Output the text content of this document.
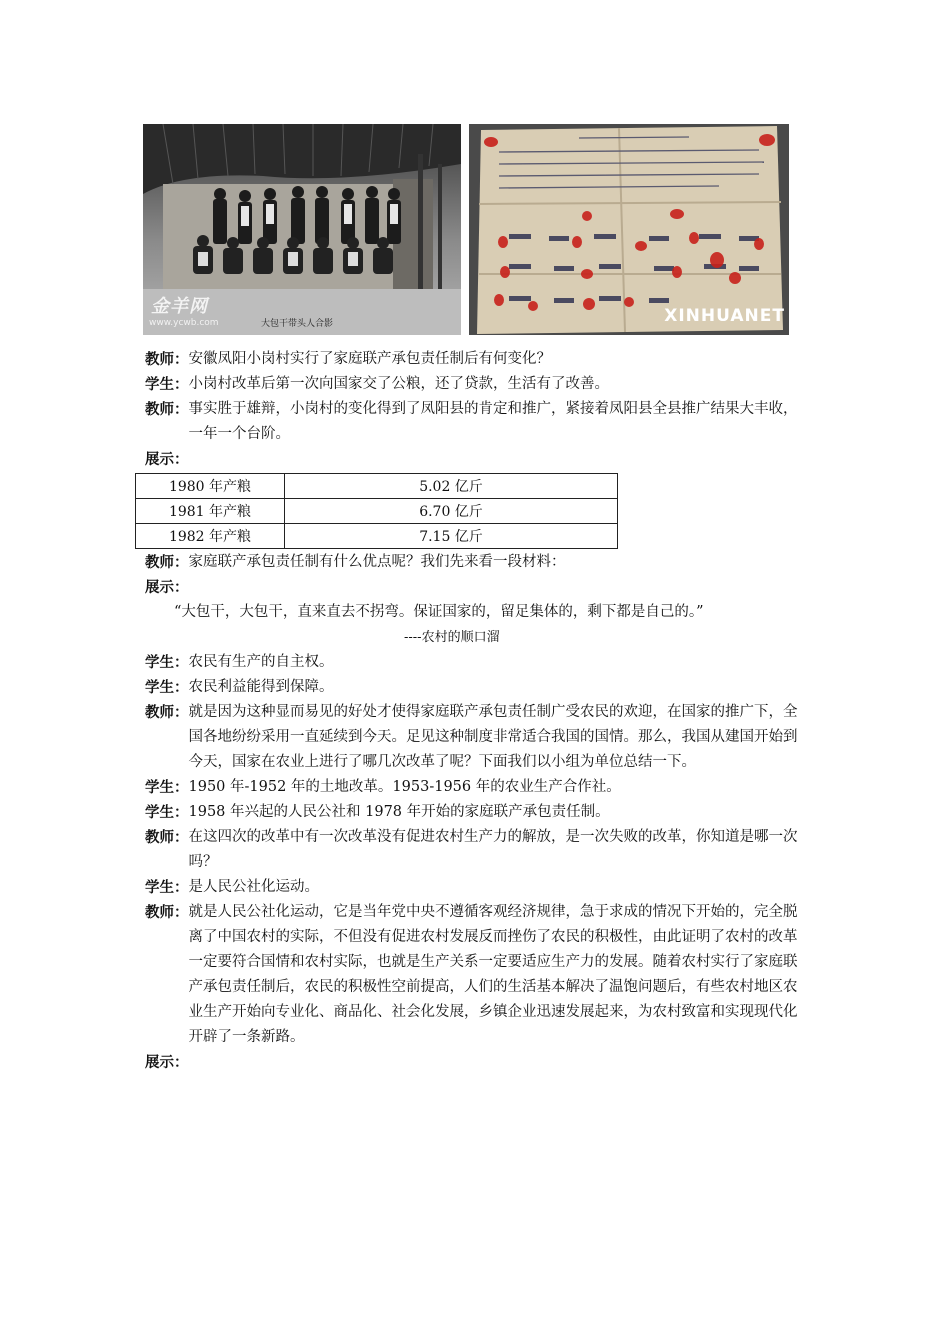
金羊网
www.ycwb.com	大包干带头人合影	XINHUANET
教师： 安徽凤阳小岗村实行了家庭联产承包责任制后有何变化？
学生： 小岗村改革后第一次向国家交了公粮，还了贷款，生活有了改善。
教师： 事实胜于雄辩，小岗村的变化得到了凤阳县的肯定和推广，紧接着凤阳县全县推广结果大丰收，一年一个台阶。

展示：

1980 年产粮	5.02 亿斤
1981 年产粮	6.70 亿斤
1982 年产粮	7.15 亿斤
教师： 家庭联产承包责任制有什么优点呢？我们先来看一段材料：

展示：

“大包干，大包干，直来直去不拐弯。保证国家的，留足集体的，剩下都是自己的。”----农村的顺口溜

学生： 农民有生产的自主权。
学生： 农民利益能得到保障。
教师： 就是因为这种显而易见的好处才使得家庭联产承包责任制广受农民的欢迎，在国家的推广下，全国各地纷纷采用一直延续到今天。足见这种制度非常适合我国的国情。那么，我国从建国开始到今天，国家在农业上进行了哪几次改革了呢？下面我们以小组为单位总结一下。
学生： 1950 年-1952 年的土地改革。1953-1956 年的农业生产合作社。
学生： 1958 年兴起的人民公社和 1978 年开始的家庭联产承包责任制。
教师： 在这四次的改革中有一次改革没有促进农村生产力的解放，是一次失败的改革，你知道是哪一次吗？
学生： 是人民公社化运动。
教师： 就是人民公社化运动，它是当年党中央不遵循客观经济规律，急于求成的情况下开始的，完全脱离了中国农村的实际，不但没有促进农村发展反而挫伤了农民的积极性，由此证明了农村的改革一定要符合国情和农村实际，也就是生产关系一定要适应生产力的发展。随着农村实行了家庭联产承包责任制后，农民的积极性空前提高，人们的生活基本解决了温饱问题后，有些农村地区农业生产开始向专业化、商品化、社会化发展，乡镇企业迅速发展起来，为农村致富和实现现代化开辟了一条新路。

展示：
